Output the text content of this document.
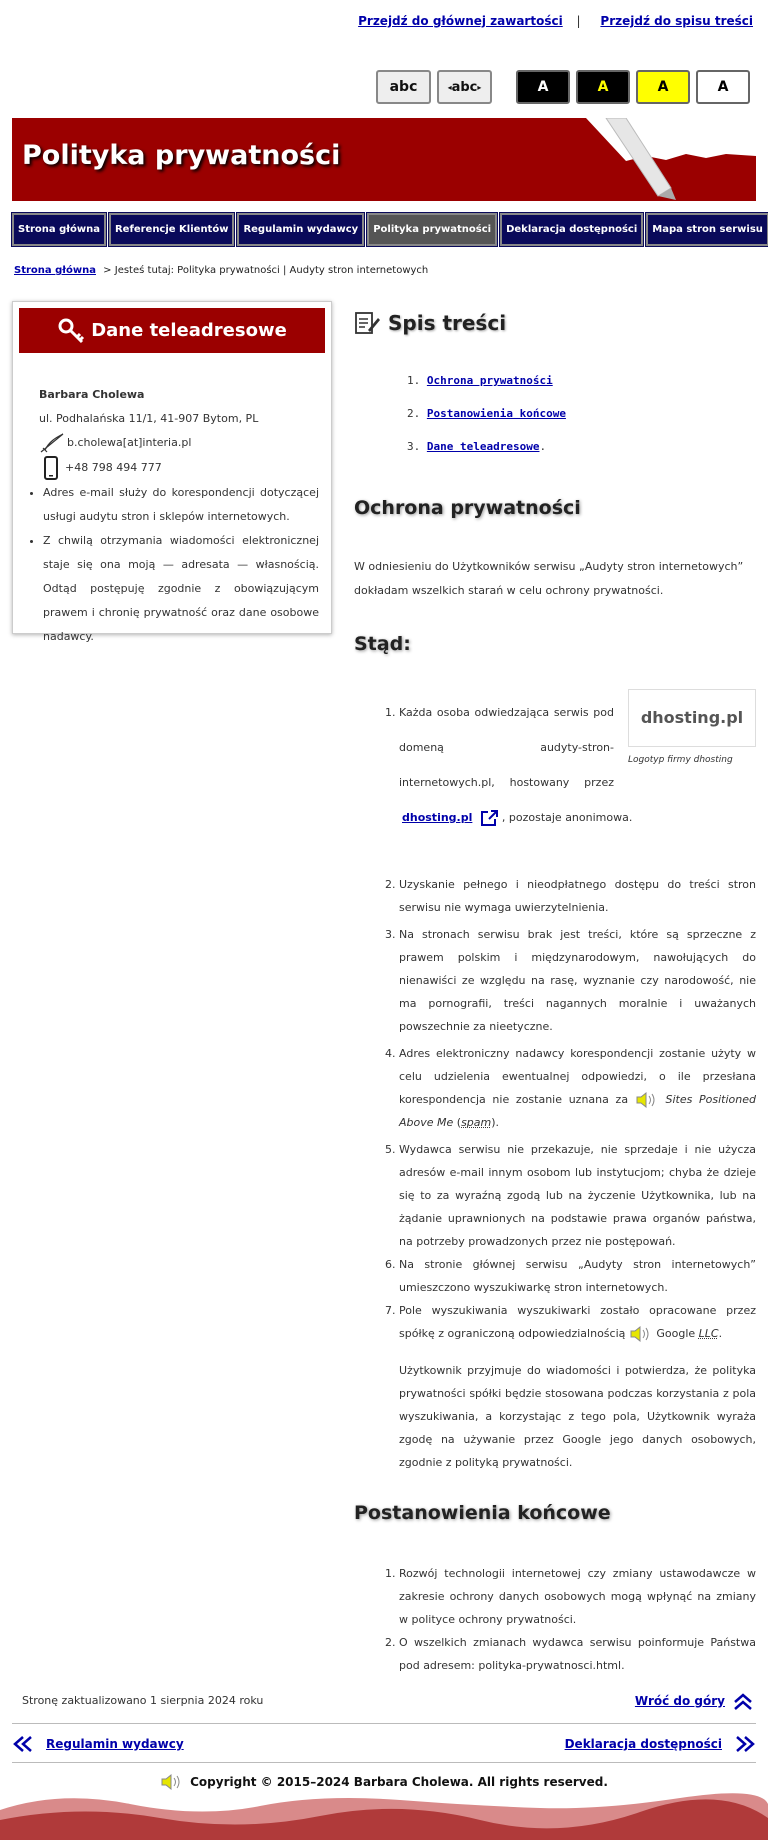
Przejdź do głównej zawartości | Przejdź do spisu treści
abc	◂ abc ▸	A	A	A	A
Polityka prywatności
Strona główna	Referencje Klientów	Regulamin wydawcy	Polityka prywatności	Deklaracja dostępności	Mapa stron serwisu
Strona główna > Jesteś tutaj: Polityka prywatności | Audyty stron internetowych
Dane teleadresowe
Barbara Cholewa
ul. Podhalańska 11/1, 41-907 Bytom, PL
b.cholewa[at]interia.pl
+48 798 494 777
• Adres e-mail służy do korespondencji dotyczącej usługi audytu stron i sklepów internetowych.
• Z chwilą otrzymania wiadomości elektronicznej staje się ona moją — adresata — własnością. Odtąd postępuję zgodnie z obowiązującym prawem i chronię prywatność oraz dane osobowe nadawcy.
Spis treści
1. Ochrona prywatności
2. Postanowienia końcowe
3. Dane teleadresowe.
Ochrona prywatności

W odniesieniu do Użytkowników serwisu „Audyty stron internetowych” dokładam wszelkich starań w celu ochrony prywatności.

Stąd:
1.	dhosting.pl
Logotyp firmy dhosting
Każda osoba odwiedzająca serwis pod domeną audyty-stron-internetowych.pl, hostowany przez dhosting.pl	, pozostaje anonimowa.
2. Uzyskanie pełnego i nieodpłatnego dostępu do treści stron serwisu nie wymaga uwierzytelnienia.
3. Na stronach serwisu brak jest treści, które są sprzeczne z prawem polskim i międzynarodowym, nawołujących do nienawiści ze względu na rasę, wyznanie czy narodowość, nie ma pornografii, treści nagannych moralnie i uważanych powszechnie za nieetyczne.
4. Adres elektroniczny nadawcy korespondencji zostanie użyty w celu udzielenia ewentualnej odpowiedzi, o ile przesłana korespondencja nie zostanie uznana za	Sites Positioned Above Me (spam).
5. Wydawca serwisu nie przekazuje, nie sprzedaje i nie użycza adresów e-mail innym osobom lub instytucjom; chyba że dzieje się to za wyraźną zgodą lub na życzenie Użytkownika, lub na żądanie uprawnionych na podstawie prawa organów państwa, na potrzeby prowadzonych przez nie postępowań.
6. Na stronie głównej serwisu „Audyty stron internetowych” umieszczono wyszukiwarkę stron internetowych.
7. Pole wyszukiwania wyszukiwarki zostało opracowane przez spółkę z ograniczoną odpowiedzialnością	Google LLC.

Użytkownik przyjmuje do wiadomości i potwierdza, że polityka prywatności spółki będzie stosowana podczas korzystania z pola wyszukiwania, a korzystając z tego pola, Użytkownik wyraża zgodę na używanie przez Google jego danych osobowych, zgodnie z polityką prywatności.

Postanowienia końcowe
1. Rozwój technologii internetowej czy zmiany ustawodawcze w zakresie ochrony danych osobowych mogą wpłynąć na zmiany w polityce ochrony prywatności.
2. O wszelkich zmianach wydawca serwisu poinformuje Państwa pod adresem: polityka-prywatnosci.html.
Stronę zaktualizowano 1 sierpnia 2024 roku	Wróć do góry
Regulamin wydawcy	Deklaracja dostępności
Copyright © 2015–2024 Barbara Cholewa. All rights reserved.
